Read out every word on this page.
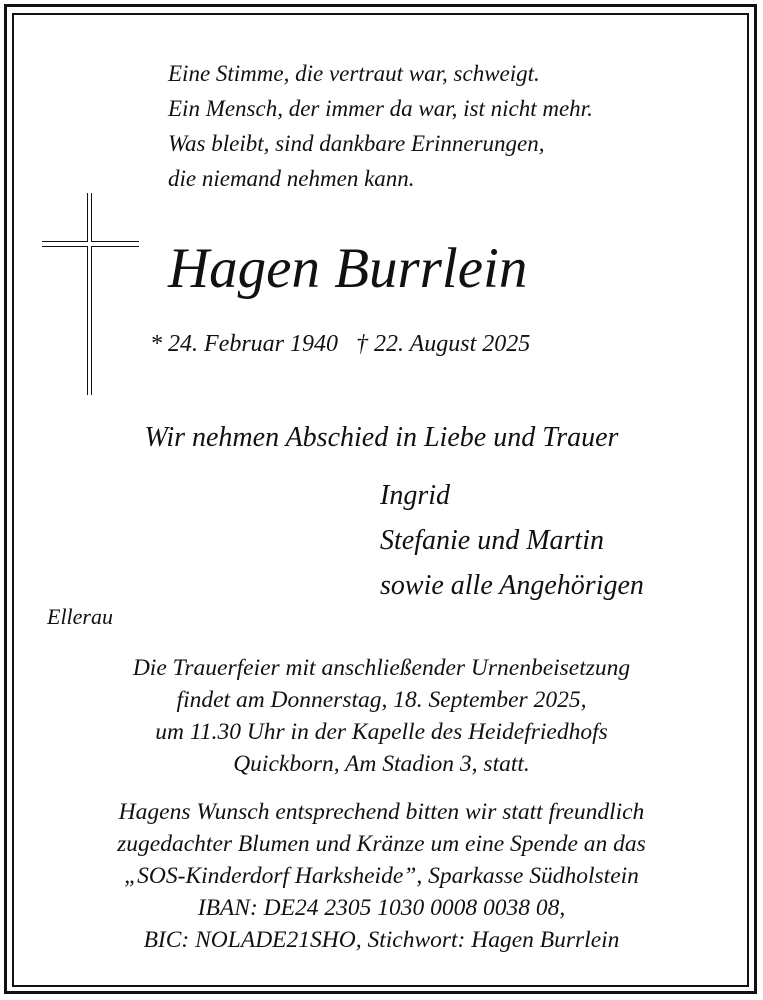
Eine Stimme, die vertraut war, schweigt.
Ein Mensch, der immer da war, ist nicht mehr.
Was bleibt, sind dankbare Erinnerungen,
die niemand nehmen kann.
Hagen Burrlein
* 24. Februar 1940 † 22. August 2025
Wir nehmen Abschied in Liebe und Trauer
Ingrid
Stefanie und Martin
sowie alle Angehörigen
Ellerau
Die Trauerfeier mit anschließender Urnenbeisetzung
findet am Donnerstag, 18. September 2025,
um 11.30 Uhr in der Kapelle des Heidefriedhofs
Quickborn, Am Stadion 3, statt.
Hagens Wunsch entsprechend bitten wir statt freundlich
zugedachter Blumen und Kränze um eine Spende an das
„SOS-Kinderdorf Harksheide”, Sparkasse Südholstein
IBAN: DE24 2305 1030 0008 0038 08,
BIC: NOLADE21SHO, Stichwort: Hagen Burrlein
